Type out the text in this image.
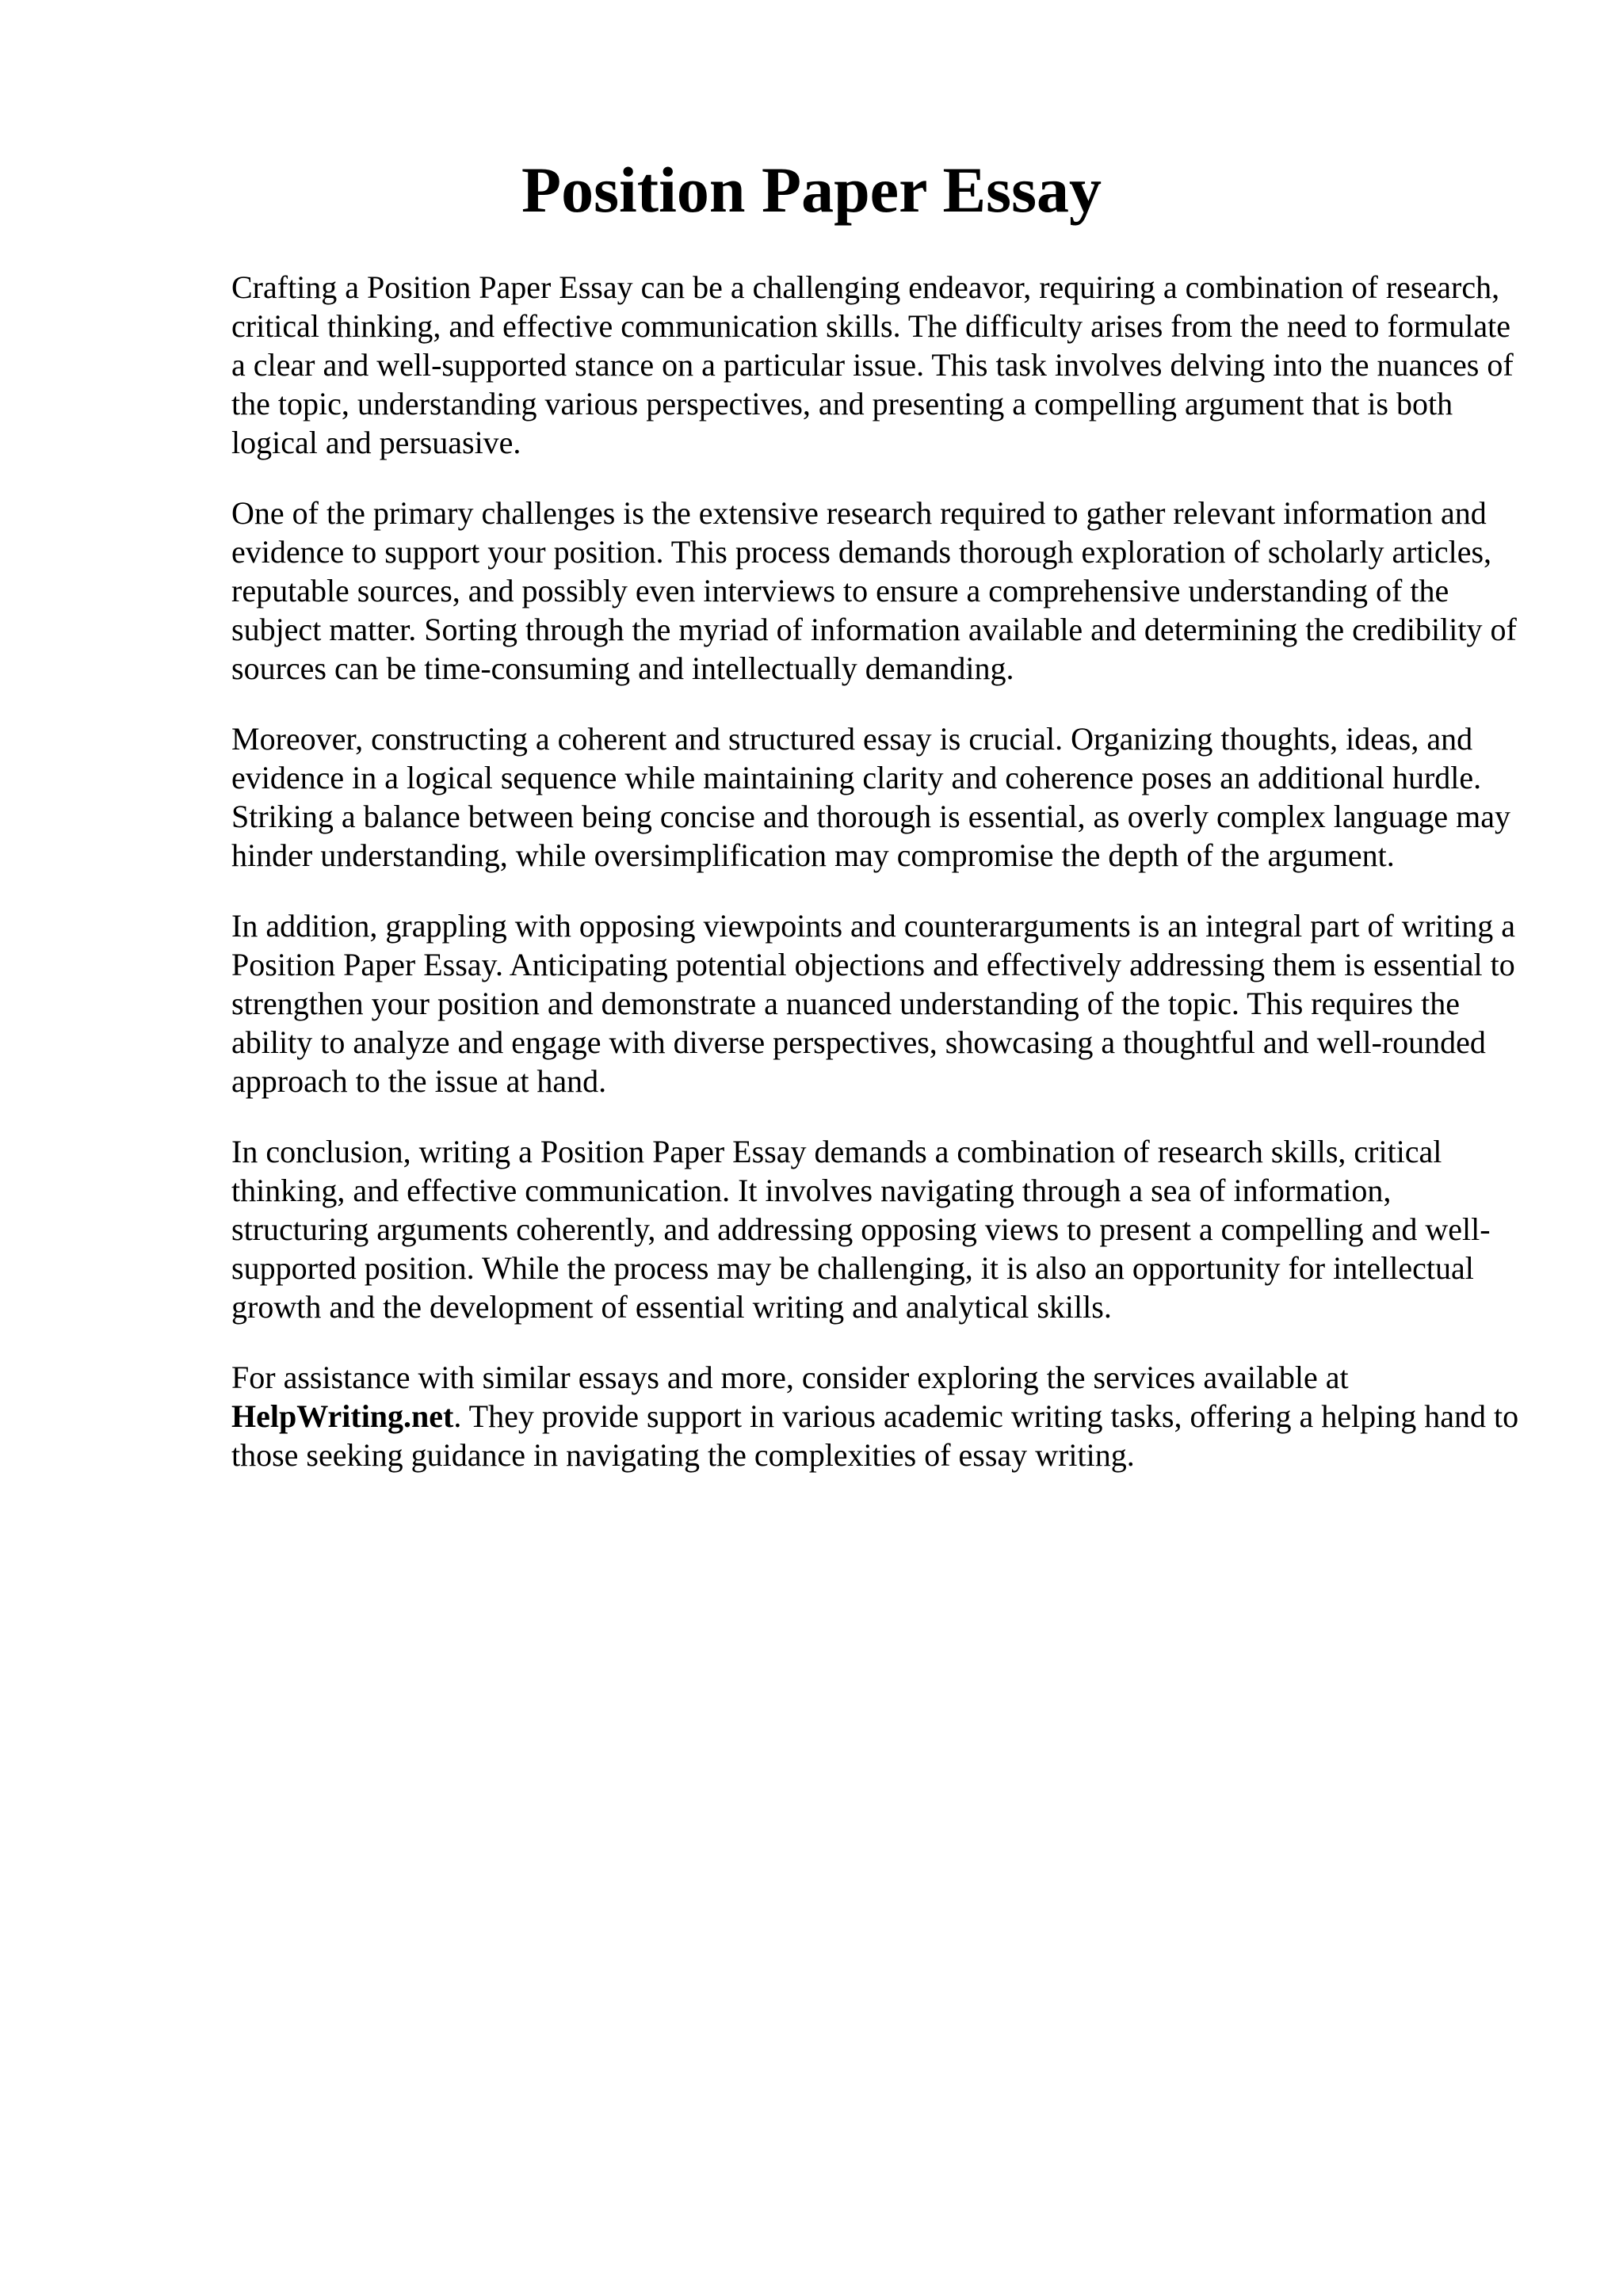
Position Paper Essay

Crafting a Position Paper Essay can be a challenging endeavor, requiring a combination of research, critical thinking, and effective communication skills. The difficulty arises from the need to formulate a clear and well-supported stance on a particular issue. This task involves delving into the nuances of the topic, understanding various perspectives, and presenting a compelling argument that is both logical and persuasive.

One of the primary challenges is the extensive research required to gather relevant information and evidence to support your position. This process demands thorough exploration of scholarly articles, reputable sources, and possibly even interviews to ensure a comprehensive understanding of the subject matter. Sorting through the myriad of information available and determining the credibility of sources can be time-consuming and intellectually demanding.

Moreover, constructing a coherent and structured essay is crucial. Organizing thoughts, ideas, and evidence in a logical sequence while maintaining clarity and coherence poses an additional hurdle. Striking a balance between being concise and thorough is essential, as overly complex language may hinder understanding, while oversimplification may compromise the depth of the argument.

In addition, grappling with opposing viewpoints and counterarguments is an integral part of writing a Position Paper Essay. Anticipating potential objections and effectively addressing them is essential to strengthen your position and demonstrate a nuanced understanding of the topic. This requires the ability to analyze and engage with diverse perspectives, showcasing a thoughtful and well-rounded approach to the issue at hand.

In conclusion, writing a Position Paper Essay demands a combination of research skills, critical thinking, and effective communication. It involves navigating through a sea of information, structuring arguments coherently, and addressing opposing views to present a compelling and well-supported position. While the process may be challenging, it is also an opportunity for intellectual growth and the development of essential writing and analytical skills.

For assistance with similar essays and more, consider exploring the services available at HelpWriting.net. They provide support in various academic writing tasks, offering a helping hand to those seeking guidance in navigating the complexities of essay writing.
